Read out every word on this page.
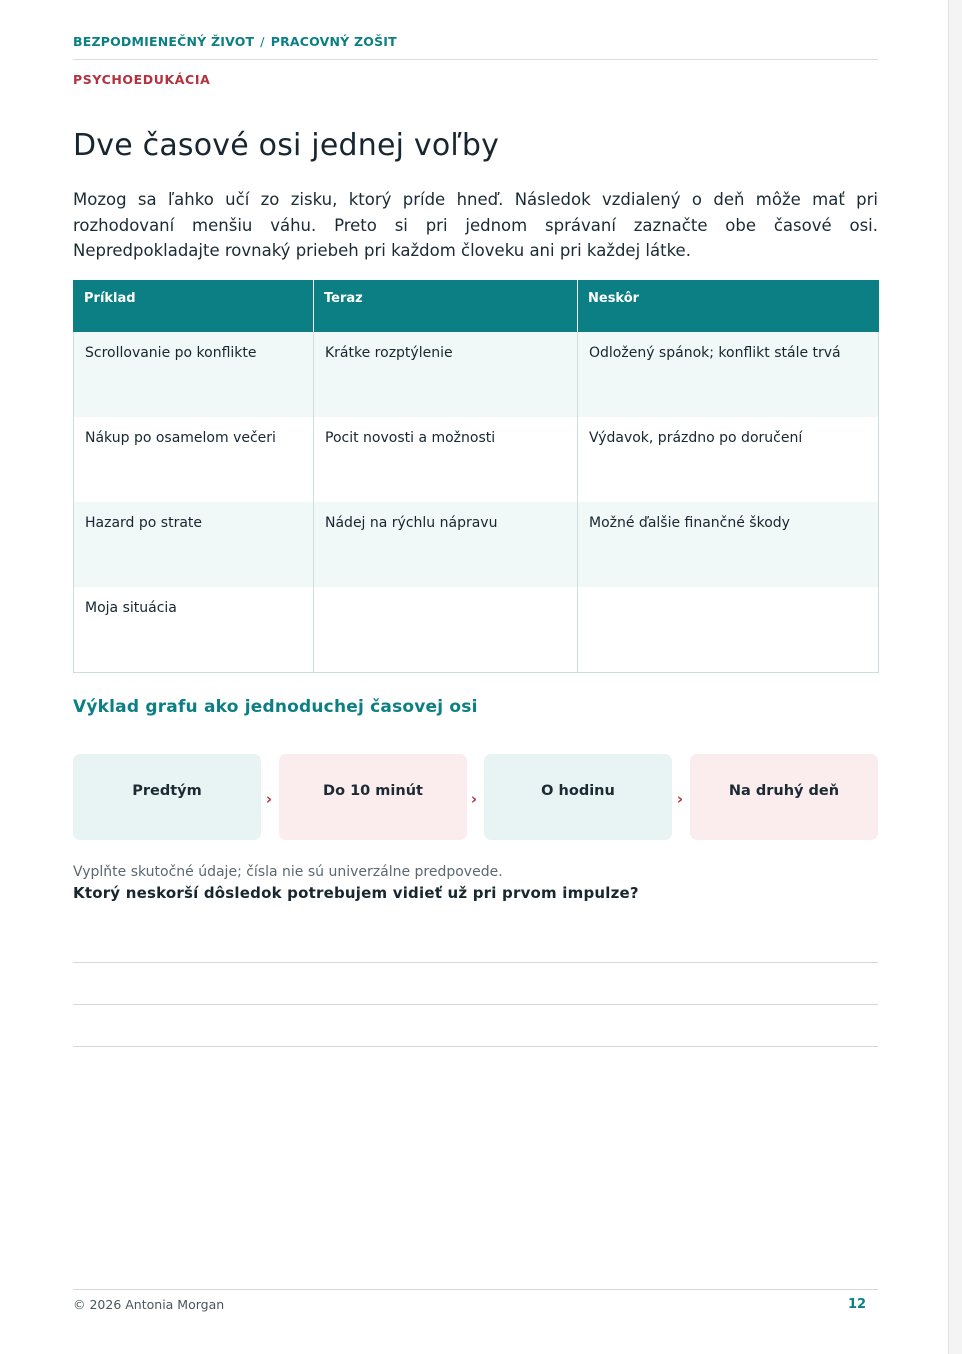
BEZPODMIENEČNÝ ŽIVOT / PRACOVNÝ ZOŠIT
PSYCHOEDUKÁCIA
Dve časové osi jednej voľby

Mozog sa ľahko učí zo zisku, ktorý príde hneď. Následok vzdialený o deň môže mať pri rozhodovaní menšiu váhu. Preto si pri jednom správaní zaznačte obe časové osi. Nepredpokladajte rovnaký priebeh pri každom človeku ani pri každej látke.

Príklad	Teraz	Neskôr
Scrollovanie po konflikte	Krátke rozptýlenie	Odložený spánok; konflikt stále trvá
Nákup po osamelom večeri	Pocit novosti a možnosti	Výdavok, prázdno po doručení
Hazard po strate	Nádej na rýchlu nápravu	Možné ďalšie finančné škody
Moja situácia		
Výklad grafu ako jednoduchej časovej osi
Predtým	›	Do 10 minút	›	O hodinu	›	Na druhý deň
Vyplňte skutočné údaje; čísla nie sú univerzálne predpovede.
Ktorý neskorší dôsledok potrebujem vidieť už pri prvom impulze?
© 2026 Antonia Morgan	12
